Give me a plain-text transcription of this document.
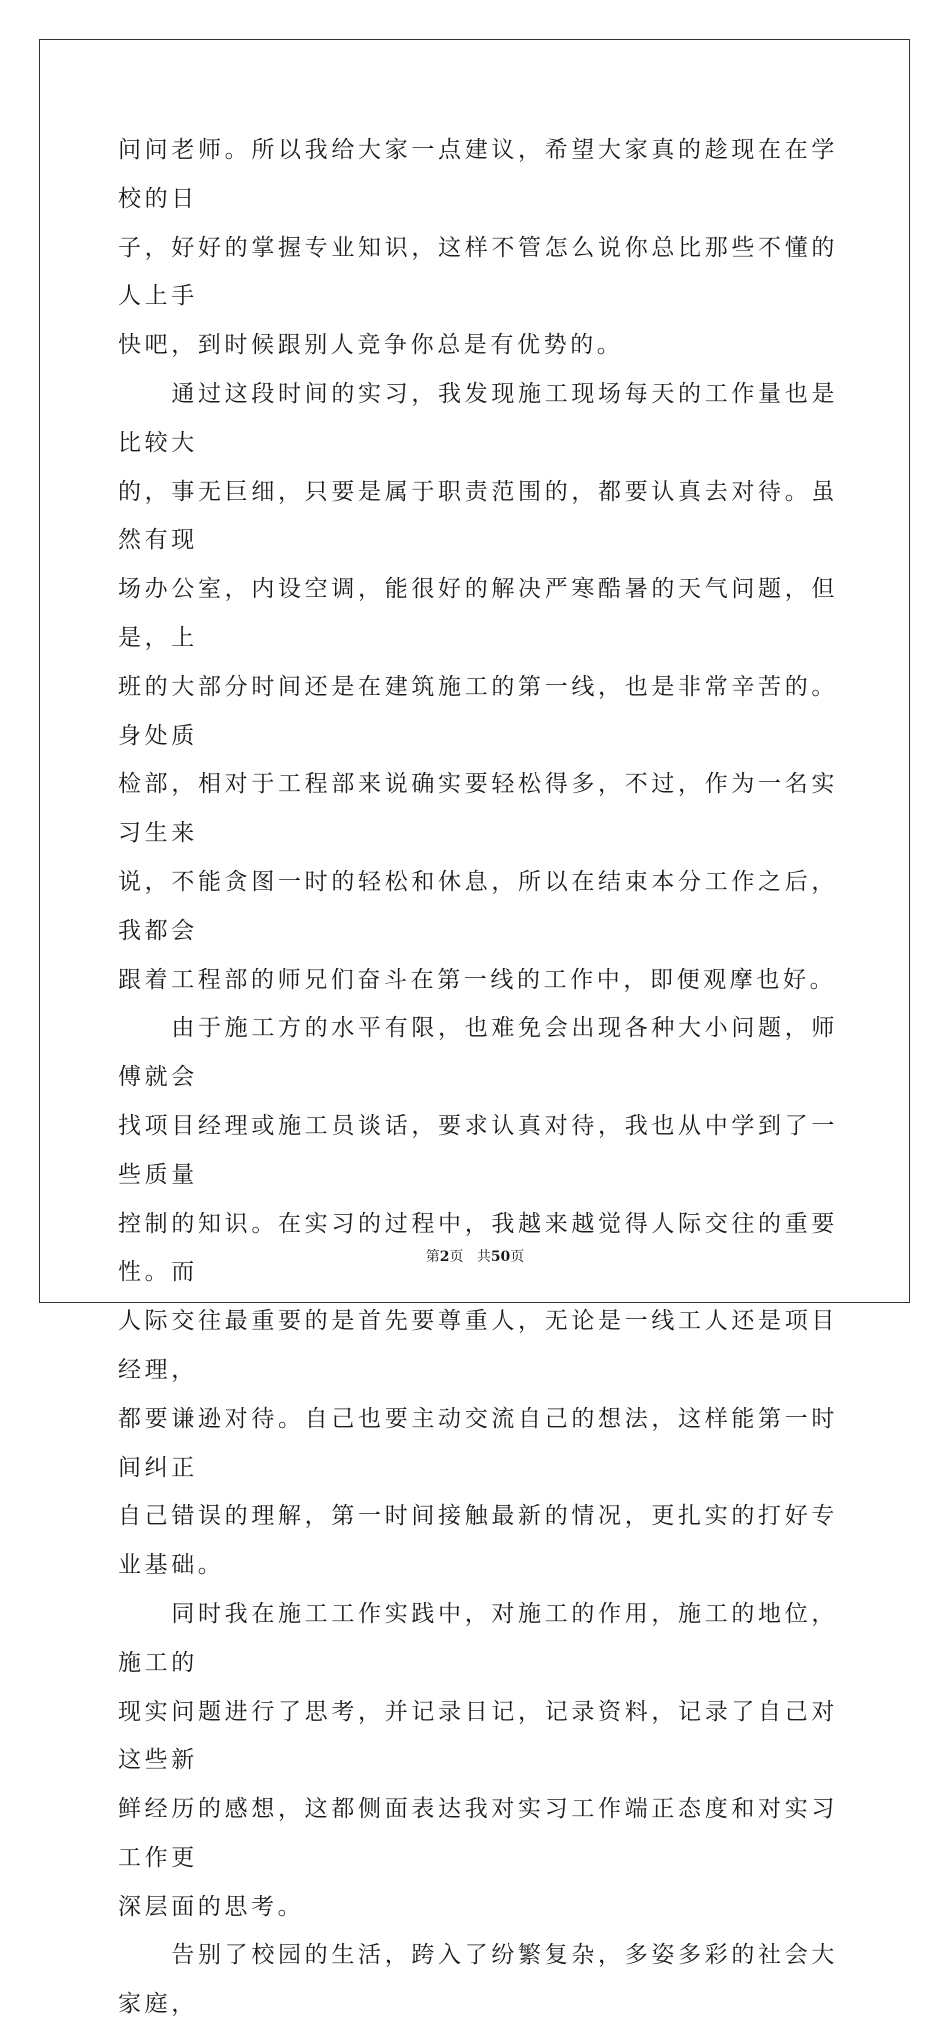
问问老师。所以我给大家一点建议，希望大家真的趁现在在学校的日
子，好好的掌握专业知识，这样不管怎么说你总比那些不懂的人上手
快吧，到时候跟别人竞争你总是有优势的。
　　通过这段时间的实习，我发现施工现场每天的工作量也是比较大
的，事无巨细，只要是属于职责范围的，都要认真去对待。虽然有现
场办公室，内设空调，能很好的解决严寒酷暑的天气问题，但是，上
班的大部分时间还是在建筑施工的第一线，也是非常辛苦的。身处质
检部，相对于工程部来说确实要轻松得多，不过，作为一名实习生来
说，不能贪图一时的轻松和休息，所以在结束本分工作之后，我都会
跟着工程部的师兄们奋斗在第一线的工作中，即便观摩也好。
　　由于施工方的水平有限，也难免会出现各种大小问题，师傅就会
找项目经理或施工员谈话，要求认真对待，我也从中学到了一些质量
控制的知识。在实习的过程中，我越来越觉得人际交往的重要性。而
人际交往最重要的是首先要尊重人，无论是一线工人还是项目经理，
都要谦逊对待。自己也要主动交流自己的想法，这样能第一时间纠正
自己错误的理解，第一时间接触最新的情况，更扎实的打好专业基础。
　　同时我在施工工作实践中，对施工的作用，施工的地位，施工的
现实问题进行了思考，并记录日记，记录资料，记录了自己对这些新
鲜经历的感想，这都侧面表达我对实习工作端正态度和对实习工作更
深层面的思考。
　　告别了校园的生活，跨入了纷繁复杂，多姿多彩的社会大家庭，
第2页 共50页
